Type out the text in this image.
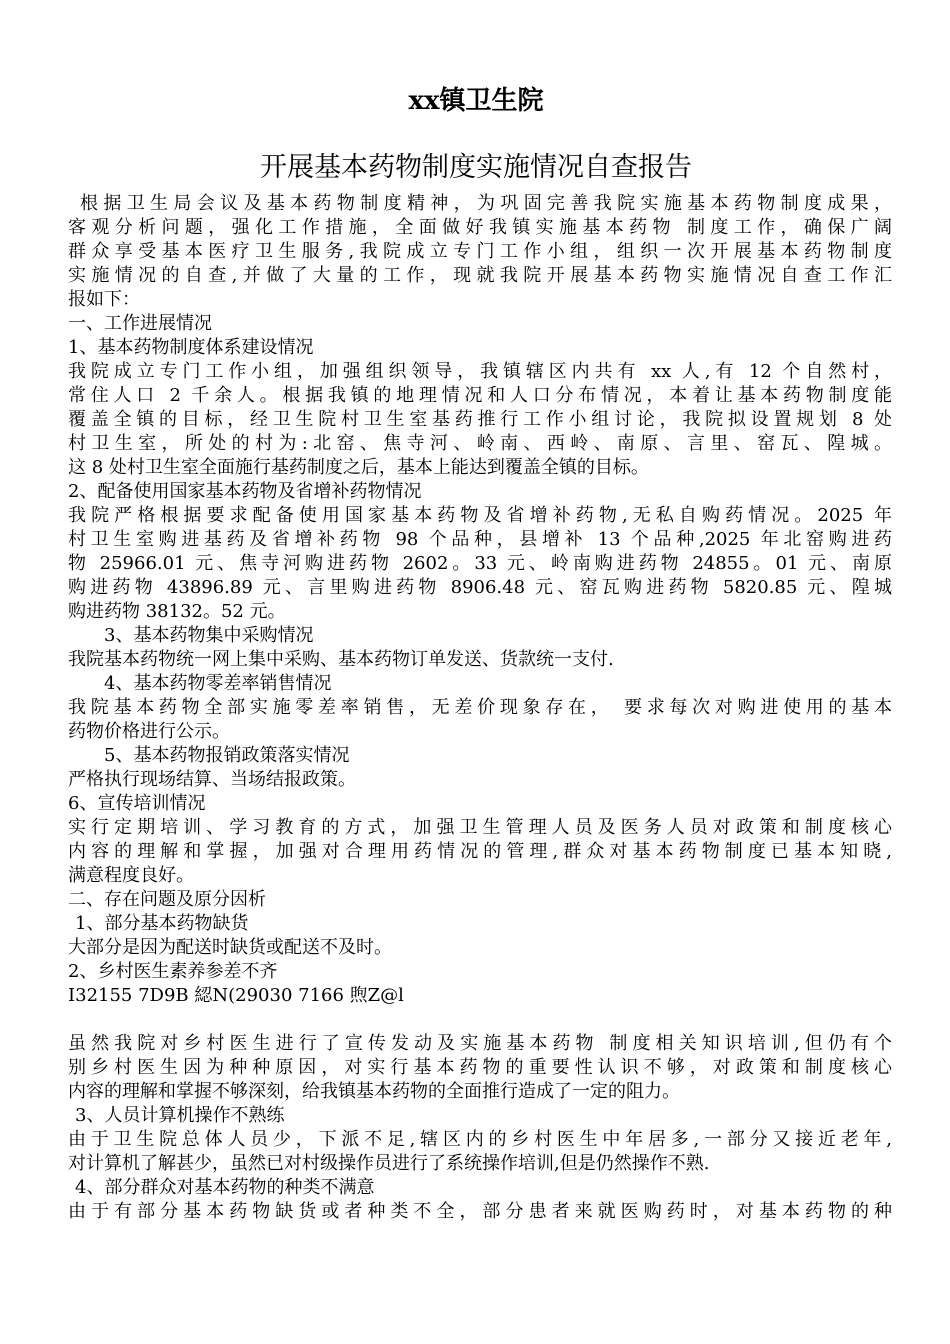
xx镇卫生院
开展基本药物制度实施情况自查报告
根据卫生局会议及基本药物制度精神，为巩固完善我院实施基本药物制度成果，
客观分析问题，强化工作措施，全面做好我镇实施基本药物 制度工作，确保广阔
群众享受基本医疗卫生服务,我院成立专门工作小组，组织一次开展基本药物制度
实施情况的自查,并做了大量的工作，现就我院开展基本药物实施情况自查工作汇
报如下：
一、工作进展情况
1、基本药物制度体系建设情况
我院成立专门工作小组，加强组织领导，我镇辖区内共有 xx 人,有 12 个自然村，
常住人口 2 千余人。根据我镇的地理情况和人口分布情况，本着让基本药物制度能
覆盖全镇的目标，经卫生院村卫生室基药推行工作小组讨论，我院拟设置规划 8 处
村卫生室，所处的村为:北窑、焦寺河、岭南、西岭、南原、言里、窑瓦、隍城。
这 8 处村卫生室全面施行基药制度之后，基本上能达到覆盖全镇的目标。
2、配备使用国家基本药物及省增补药物情况
我院严格根据要求配备使用国家基本药物及省增补药物,无私自购药情况。2025 年
村卫生室购进基药及省增补药物 98 个品种，县增补 13 个品种,2025 年北窑购进药
物 25966.01 元、焦寺河购进药物 2602。33 元、岭南购进药物 24855。01 元、南原
购进药物 43896.89 元、言里购进药物 8906.48 元、窑瓦购进药物 5820.85 元、隍城
购进药物 38132。52 元。
3、基本药物集中采购情况
我院基本药物统一网上集中采购、基本药物订单发送、货款统一支付.
4、基本药物零差率销售情况
我院基本药物全部实施零差率销售，无差价现象存在， 要求每次对购进使用的基本
药物价格进行公示。
5、基本药物报销政策落实情况
严格执行现场结算、当场结报政策。
6、宣传培训情况
实行定期培训、学习教育的方式，加强卫生管理人员及医务人员对政策和制度核心
内容的理解和掌握，加强对合理用药情况的管理,群众对基本药物制度已基本知晓,
满意程度良好。
二、存在问题及原分因析
1、部分基本药物缺货
大部分是因为配送时缺货或配送不及时。
2、乡村医生素养参差不齐
I32155 7D9B 綛N(29030 7166 煦Z@l
虽然我院对乡村医生进行了宣传发动及实施基本药物 制度相关知识培训,但仍有个
别乡村医生因为种种原因，对实行基本药物的重要性认识不够，对政策和制度核心
内容的理解和掌握不够深刻，给我镇基本药物的全面推行造成了一定的阻力。
3、人员计算机操作不熟练
由于卫生院总体人员少，下派不足,辖区内的乡村医生中年居多,一部分又接近老年,
对计算机了解甚少，虽然已对村级操作员进行了系统操作培训,但是仍然操作不熟.
4、部分群众对基本药物的种类不满意
由于有部分基本药物缺货或者种类不全，部分患者来就医购药时，对基本药物的种
